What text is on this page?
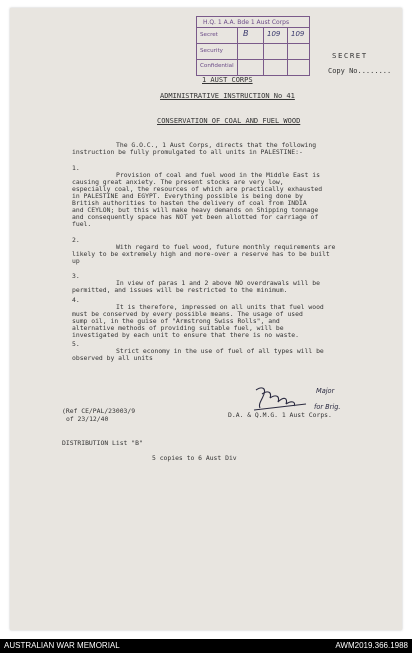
H.Q. 1 A.A. Bde 1 Aust Corps
Secret
Security
Confidential
B	109 109
SECRET
Copy No........
1 AUST CORPS
ADMINISTRATIVE INSTRUCTION No 41
CONSERVATION OF COAL AND FUEL WOOD
The G.O.C., 1 Aust Corps, directs that the following
instruction be fully promulgated to all units in PALESTINE:-
1.
Provision of coal and fuel wood in the Middle East is
causing great anxiety. The present stocks are very low,
especially coal, the resources of which are practically exhausted
in PALESTINE and EGYPT. Everything possible is being done by
British authorities to hasten the delivery of coal from INDIA
and CEYLON; but this will make heavy demands on Shipping tonnage
and consequently space has NOT yet been allotted for carriage of
fuel.
2.
With regard to fuel wood, future monthly requirements are
likely to be extremely high and more-over a reserve has to be built
up
3.
In view of paras 1 and 2 above NO overdrawals will be
permitted, and issues will be restricted to the minimum.
4.
It is therefore, impressed on all units that fuel wood
must be conserved by every possible means. The usage of used
sump oil, in the guise of "Armstrong Swiss Rolls", and
alternative methods of providing suitable fuel, will be
investigated by each unit to ensure that there is no waste.
5.
Strict economy in the use of fuel of all types will be
observed by all units
Major
for Brig.
D.A. & Q.M.G. 1 Aust Corps.
(Ref CE/PAL/23003/9
of 23/12/40
DISTRIBUTION List "B"
5 copies to 6 Aust Div
AUSTRALIAN WAR MEMORIAL	AWM2019.366.1988
